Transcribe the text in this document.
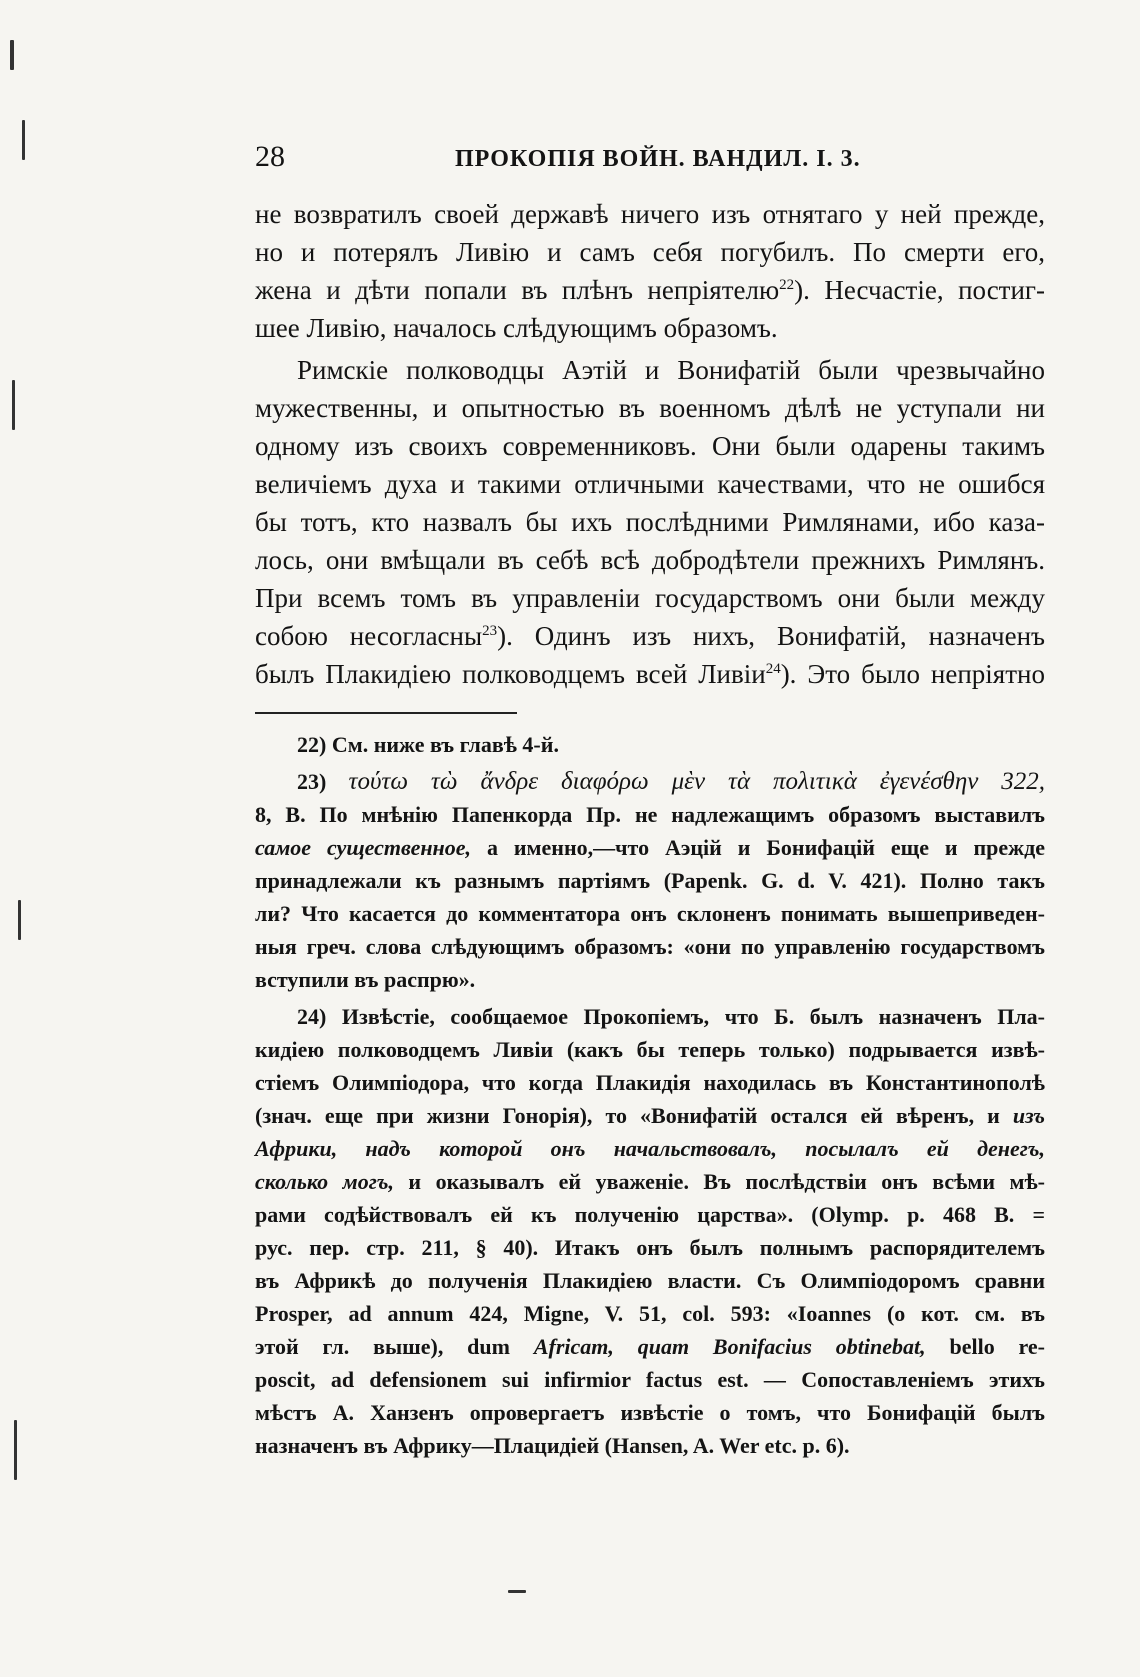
28	ПРОКОПІЯ ВОЙН. ВАНДИЛ. I. 3.
не возвратилъ своей державѣ ничего изъ отнятаго у ней прежде,
но и потерялъ Ливію и самъ себя погубилъ. По смерти его,
жена и дѣти попали въ плѣнъ непріятелю$^{22}$). Несчастіе, постиг-
шее Ливію, началось слѣдующимъ образомъ.
Римскіе полководцы Аэтій и Вонифатій были чрезвычайно
мужественны, и опытностью въ военномъ дѣлѣ не уступали ни
одному изъ своихъ современниковъ. Они были одарены такимъ
величіемъ духа и такими отличными качествами, что не ошибся
бы тотъ, кто назвалъ бы ихъ послѣдними Римлянами, ибо каза-
лось, они вмѣщали въ себѣ всѣ добродѣтели прежнихъ Римлянъ.
При всемъ томъ въ управленіи государствомъ они были между
собою несогласны$^{23}$). Одинъ изъ нихъ, Вонифатій, назначенъ
былъ Плакидіею полководцемъ всей Ливіи$^{24}$). Это было непріятно
22) См. ниже въ главѣ 4-й.
23) τούτω τὼ ἄνδρε διαφόρω μὲν τὰ πολιτικὰ ἐγενέσθην 322,
8, B. По мнѣнію Папенкорда Пр. не надлежащимъ образомъ выставилъ
самое существенное, а именно,—что Аэцій и Бонифацій еще и прежде
принадлежали къ разнымъ партіямъ (Papenk. G. d. V. 421). Полно такъ
ли? Что касается до комментатора онъ склоненъ понимать вышеприведен-
ныя греч. слова слѣдующимъ образомъ: «они по управленію государствомъ
вступили въ распрю».
24) Извѣстіе, сообщаемое Прокопіемъ, что Б. былъ назначенъ Пла-
кидіею полководцемъ Ливіи (какъ бы теперь только) подрывается извѣ-
стіемъ Олимпіодора, что когда Плакидія находилась въ Константинополѣ
(знач. еще при жизни Гонорія), то «Вонифатій остался ей вѣренъ, и изъ
Африки, надъ которой онъ начальствовалъ, посылалъ ей денегъ,
сколько могъ, и оказывалъ ей уваженіе. Въ послѣдствіи онъ всѣми мѣ-
рами содѣйствовалъ ей къ полученію царства». (Olymp. p. 468 B. =
рус. пер. стр. 211, § 40). Итакъ онъ былъ полнымъ распорядителемъ
въ Африкѣ до полученія Плакидіею власти. Съ Олимпіодоромъ сравни
Prosper, ad annum 424, Migne, V. 51, col. 593: «Ioannes (о кот. см. въ
этой гл. выше), dum Africam, quam Bonifacius obtinebat, bello re-
poscit, ad defensionem sui infirmior factus est. — Сопоставленіемъ этихъ
мѣстъ А. Ханзенъ опровергаетъ извѣстіе о томъ, что Бонифацій былъ
назначенъ въ Африку—Плацидіей (Hansen, A. Wer etc. p. 6).
